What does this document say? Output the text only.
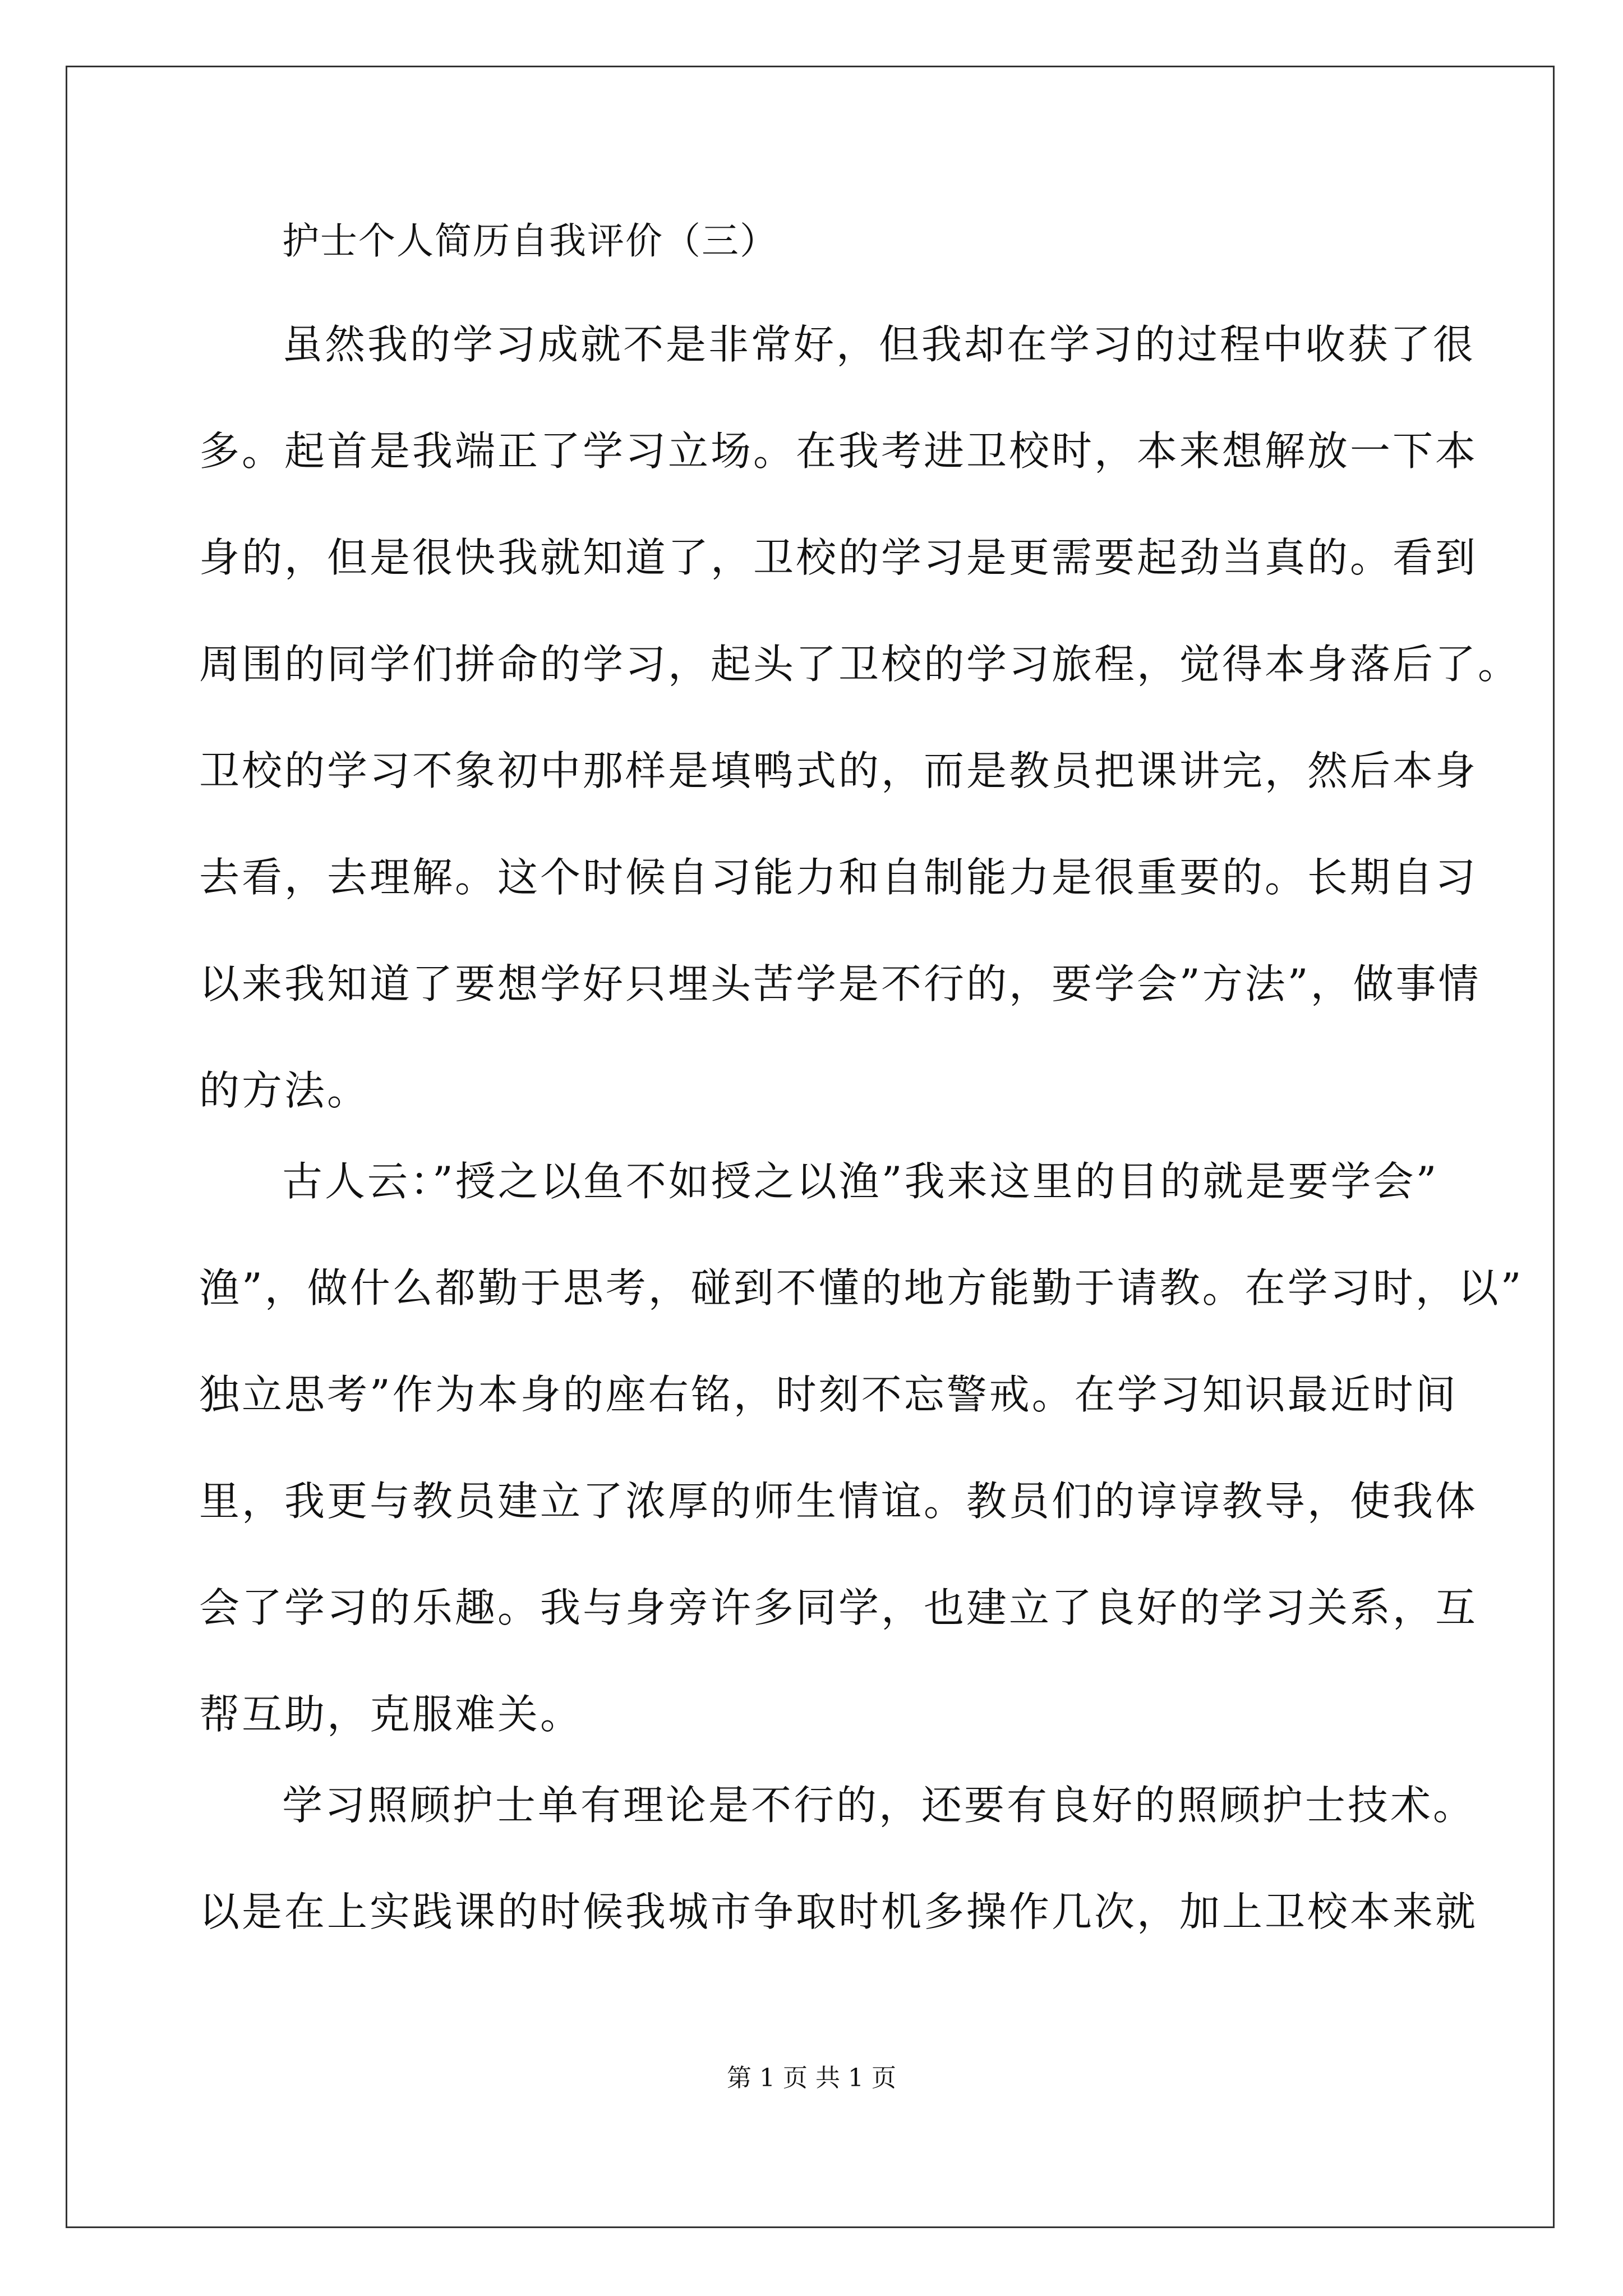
护士个人简历自我评价（三）
虽然我的学习成就不是非常好，但我却在学习的过程中收获了很
多。起首是我端正了学习立场。在我考进卫校时，本来想解放一下本
身的，但是很快我就知道了，卫校的学习是更需要起劲当真的。看到
周围的同学们拼命的学习，起头了卫校的学习旅程，觉得本身落后了。
卫校的学习不象初中那样是填鸭式的，而是教员把课讲完，然后本身
去看，去理解。这个时候自习能力和自制能力是很重要的。长期自习
以来我知道了要想学好只埋头苦学是不行的，要学会”方法”，做事情
的方法。
古人云：”授之以鱼不如授之以渔”我来这里的目的就是要学会”
渔”，做什么都勤于思考，碰到不懂的地方能勤于请教。在学习时，以”
独立思考”作为本身的座右铭，时刻不忘警戒。在学习知识最近时间
里，我更与教员建立了浓厚的师生情谊。教员们的谆谆教导，使我体
会了学习的乐趣。我与身旁许多同学，也建立了良好的学习关系，互
帮互助，克服难关。
学习照顾护士单有理论是不行的，还要有良好的照顾护士技术。
以是在上实践课的时候我城市争取时机多操作几次，加上卫校本来就
第 1 页 共 1 页
